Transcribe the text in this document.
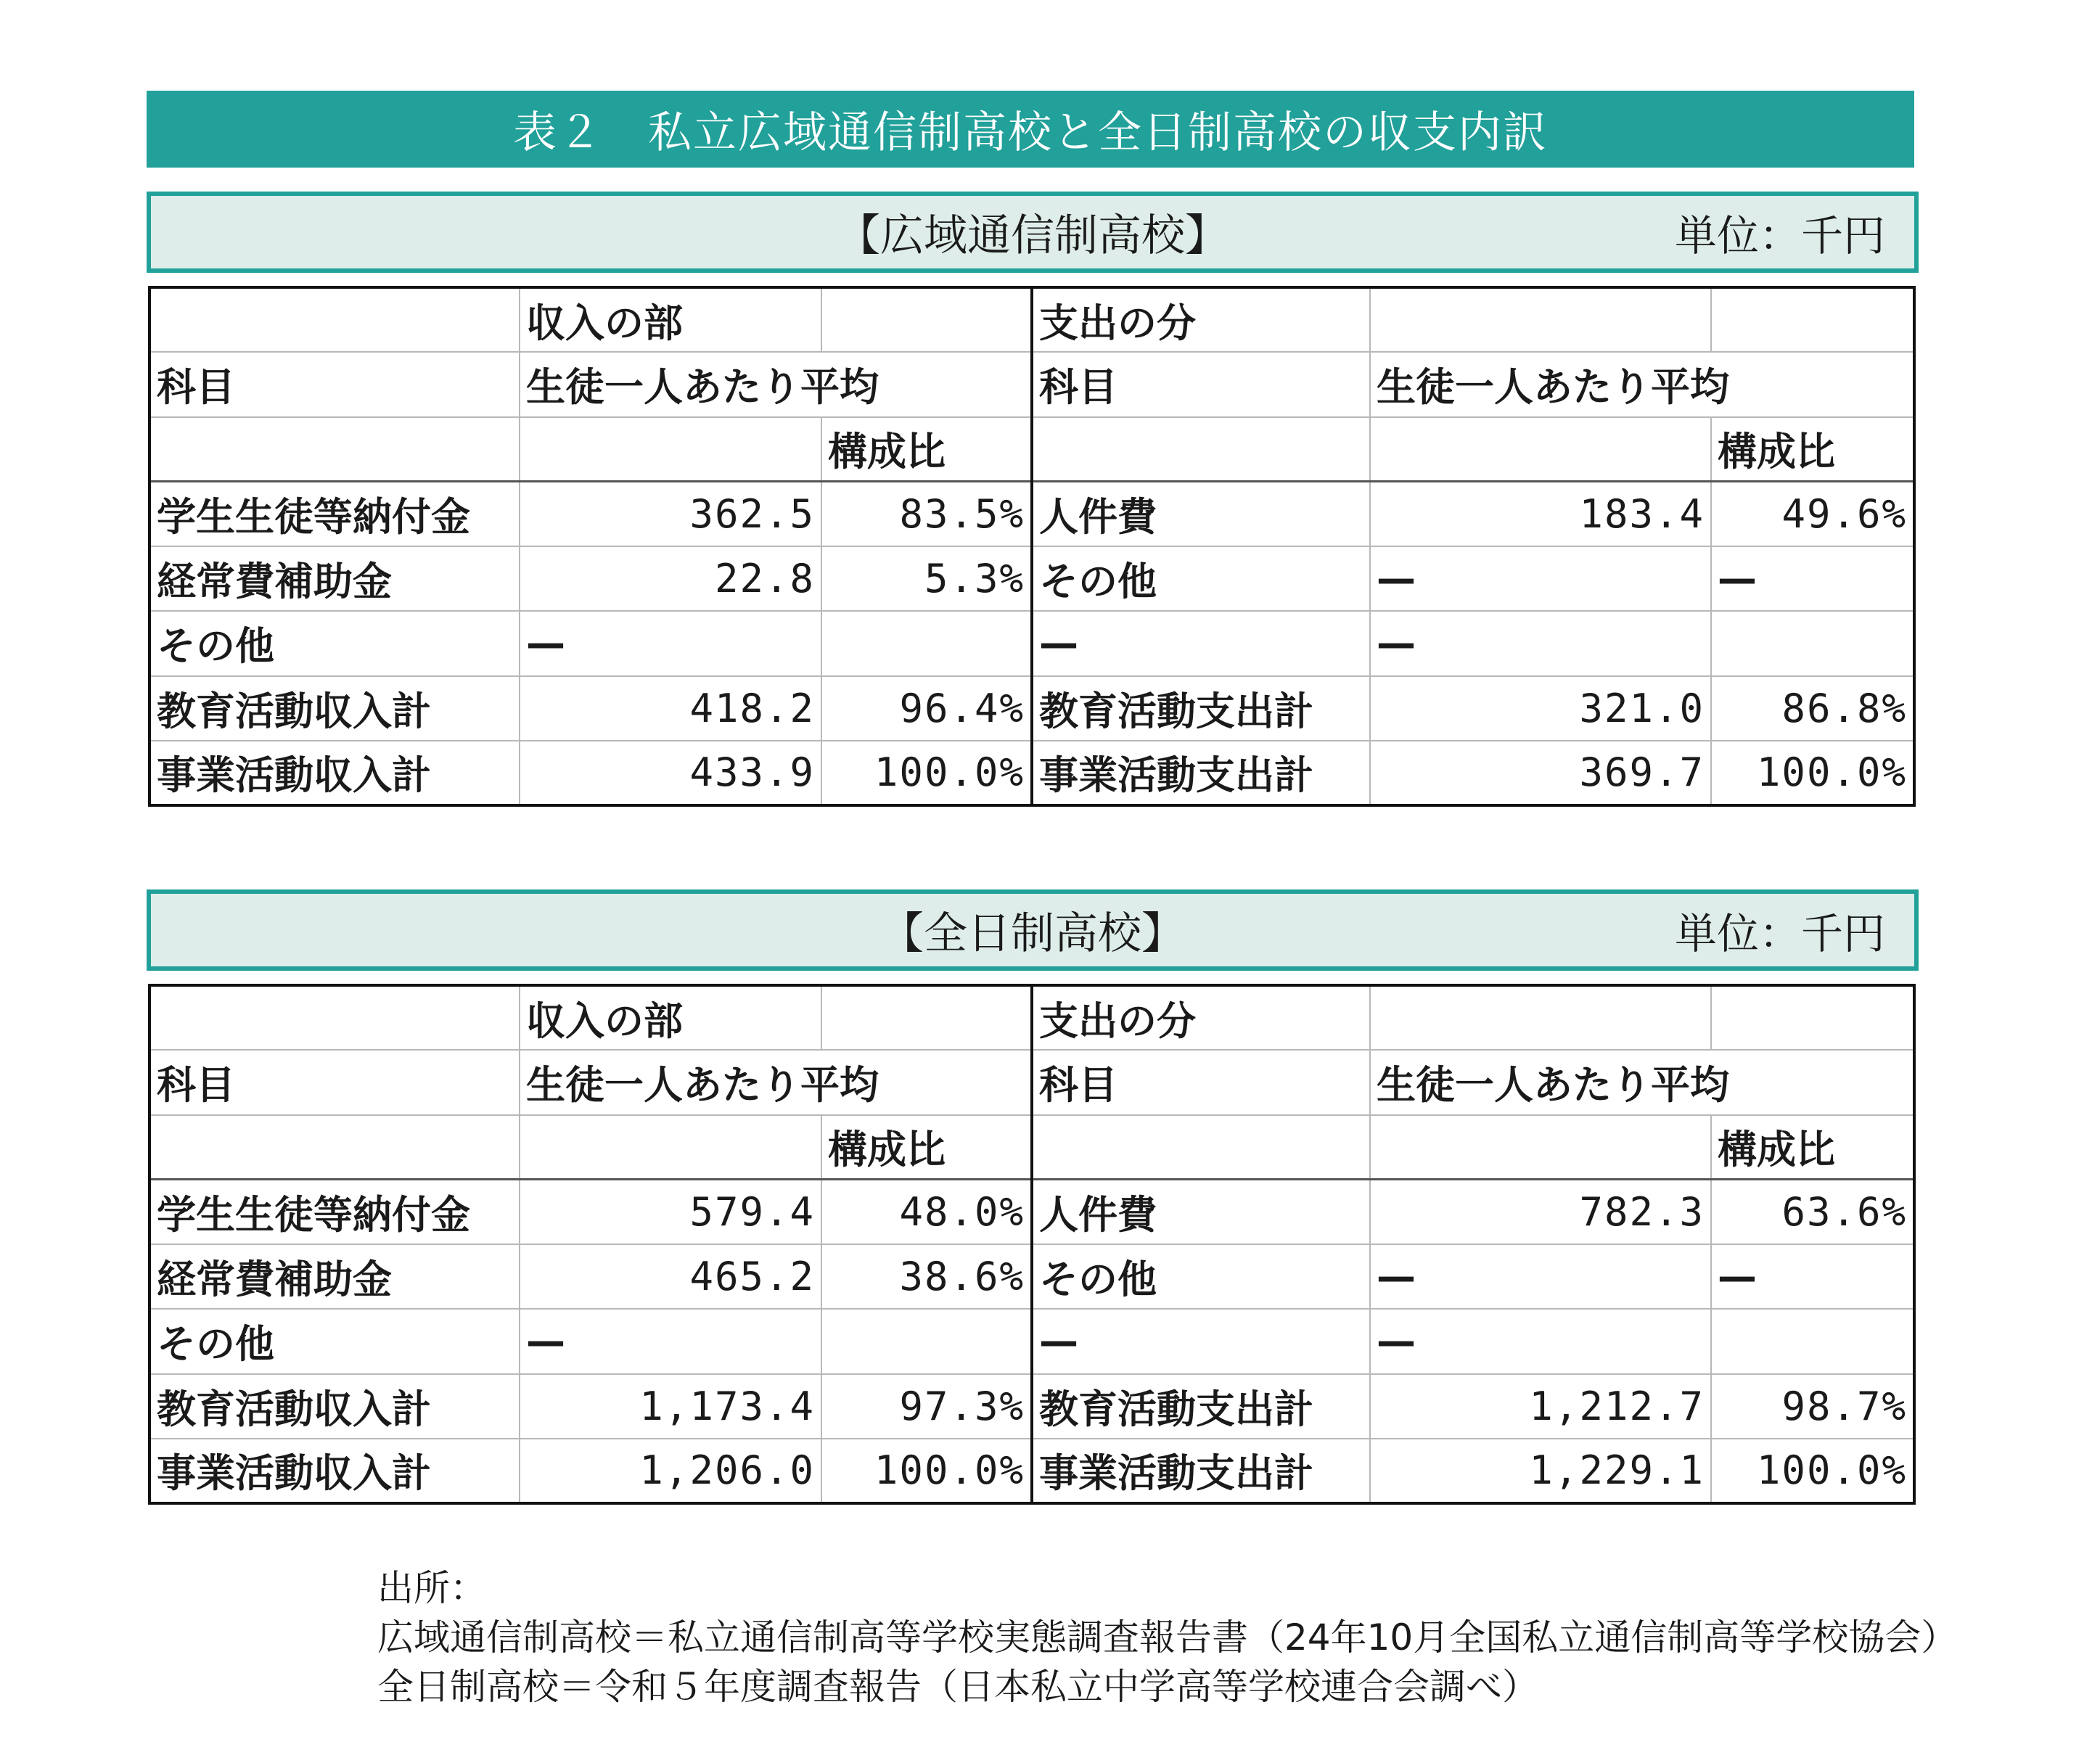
表２　私立広域通信制高校と全日制高校の収支内訳
【広域通信制高校】	単位：千円
	収入の部		支出の分		
科目	生徒一人あたり平均		科目	生徒一人あたり平均	
		構成比			構成比
学生生徒等納付金	362.5	83.5%	人件費	183.4	49.6%
経常費補助金	22.8	5.3%	その他	—	—
その他	—		—	—	
教育活動収入計	418.2	96.4%	教育活動支出計	321.0	86.8%
事業活動収入計	433.9	100.0%	事業活動支出計	369.7	100.0%
【全日制高校】	単位：千円
	収入の部		支出の分		
科目	生徒一人あたり平均		科目	生徒一人あたり平均	
		構成比			構成比
学生生徒等納付金	579.4	48.0%	人件費	782.3	63.6%
経常費補助金	465.2	38.6%	その他	—	—
その他	—		—	—	
教育活動収入計	1,173.4	97.3%	教育活動支出計	1,212.7	98.7%
事業活動収入計	1,206.0	100.0%	事業活動支出計	1,229.1	100.0%
出所：
広域通信制高校＝私立通信制高等学校実態調査報告書（24年10月全国私立通信制高等学校協会）
全日制高校＝令和５年度調査報告（日本私立中学高等学校連合会調べ）
